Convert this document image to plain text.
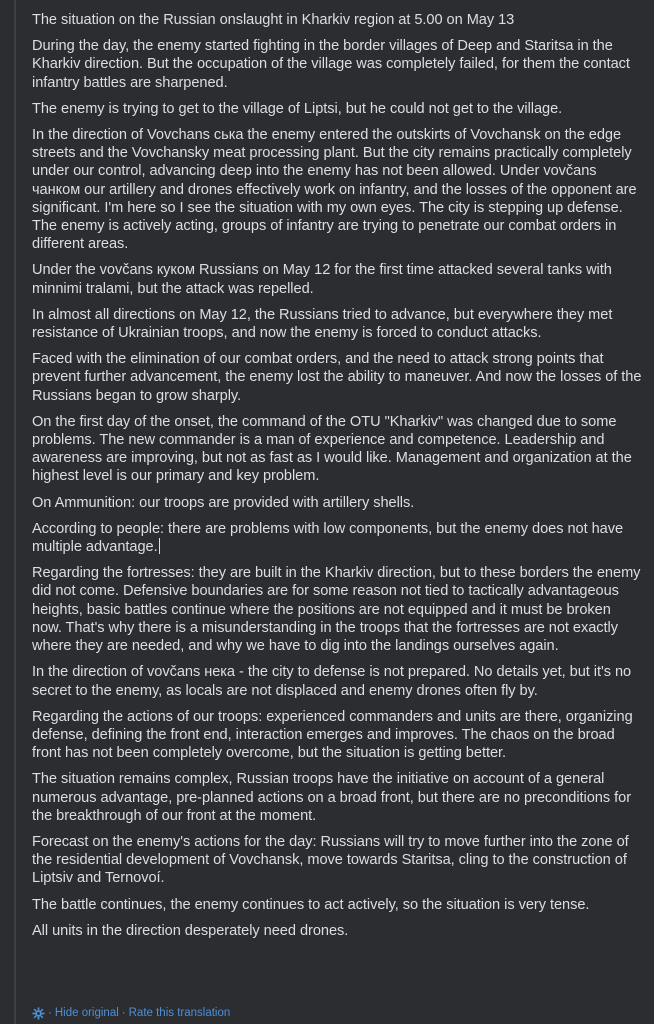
The situation on the Russian onslaught in Kharkiv region at 5.00 on May 13

During the day, the enemy started fighting in the border villages of Deep and Staritsa in the Kharkiv direction. But the occupation of the village was completely failed, for them the contact infantry battles are sharpened.

The enemy is trying to get to the village of Liptsi, but he could not get to the village.

In the direction of Vovchans ська the enemy entered the outskirts of Vovchansk on the edge streets and the Vovchansky meat processing plant. But the city remains practically completely under our control, advancing deep into the enemy has not been allowed. Under vovčans чанком our artillery and drones effectively work on infantry, and the losses of the opponent are significant. I'm here so I see the situation with my own eyes. The city is stepping up defense. The enemy is actively acting, groups of infantry are trying to penetrate our combat orders in different areas.

Under the vovčans кyком Russians on May 12 for the first time attacked several tanks with minnimi tralami, but the attack was repelled.

In almost all directions on May 12, the Russians tried to advance, but everywhere they met resistance of Ukrainian troops, and now the enemy is forced to conduct attacks.

Faced with the elimination of our combat orders, and the need to attack strong points that prevent further advancement, the enemy lost the ability to maneuver. And now the losses of the Russians began to grow sharply.

On the first day of the onset, the command of the OTU "Kharkiv" was changed due to some problems. The new commander is a man of experience and competence. Leadership and awareness are improving, but not as fast as I would like. Management and organization at the highest level is our primary and key problem.

On Ammunition: our troops are provided with artillery shells.

According to people: there are problems with low components, but the enemy does not have multiple advantage.

Regarding the fortresses: they are built in the Kharkiv direction, but to these borders the enemy did not come. Defensive boundaries are for some reason not tied to tactically advantageous heights, basic battles continue where the positions are not equipped and it must be broken now. That's why there is a misunderstanding in the troops that the fortresses are not exactly where they are needed, and why we have to dig into the landings ourselves again.

In the direction of vovčans нека - the city to defense is not prepared. No details yet, but it's no secret to the enemy, as locals are not displaced and enemy drones often fly by.

Regarding the actions of our troops: experienced commanders and units are there, organizing defense, defining the front end, interaction emerges and improves. The chaos on the broad front has not been completely overcome, but the situation is getting better.

The situation remains complex, Russian troops have the initiative on account of a general numerous advantage, pre-planned actions on a broad front, but there are no preconditions for the breakthrough of our front at the moment.

Forecast on the enemy's actions for the day: Russians will try to move further into the zone of the residential development of Vovchansk, move towards Staritsa, cling to the construction of Liptsiv and Ternovoí.

The battle continues, the enemy continues to act actively, so the situation is very tense.

All units in the direction desperately need drones.

· Hide original · Rate this translation
